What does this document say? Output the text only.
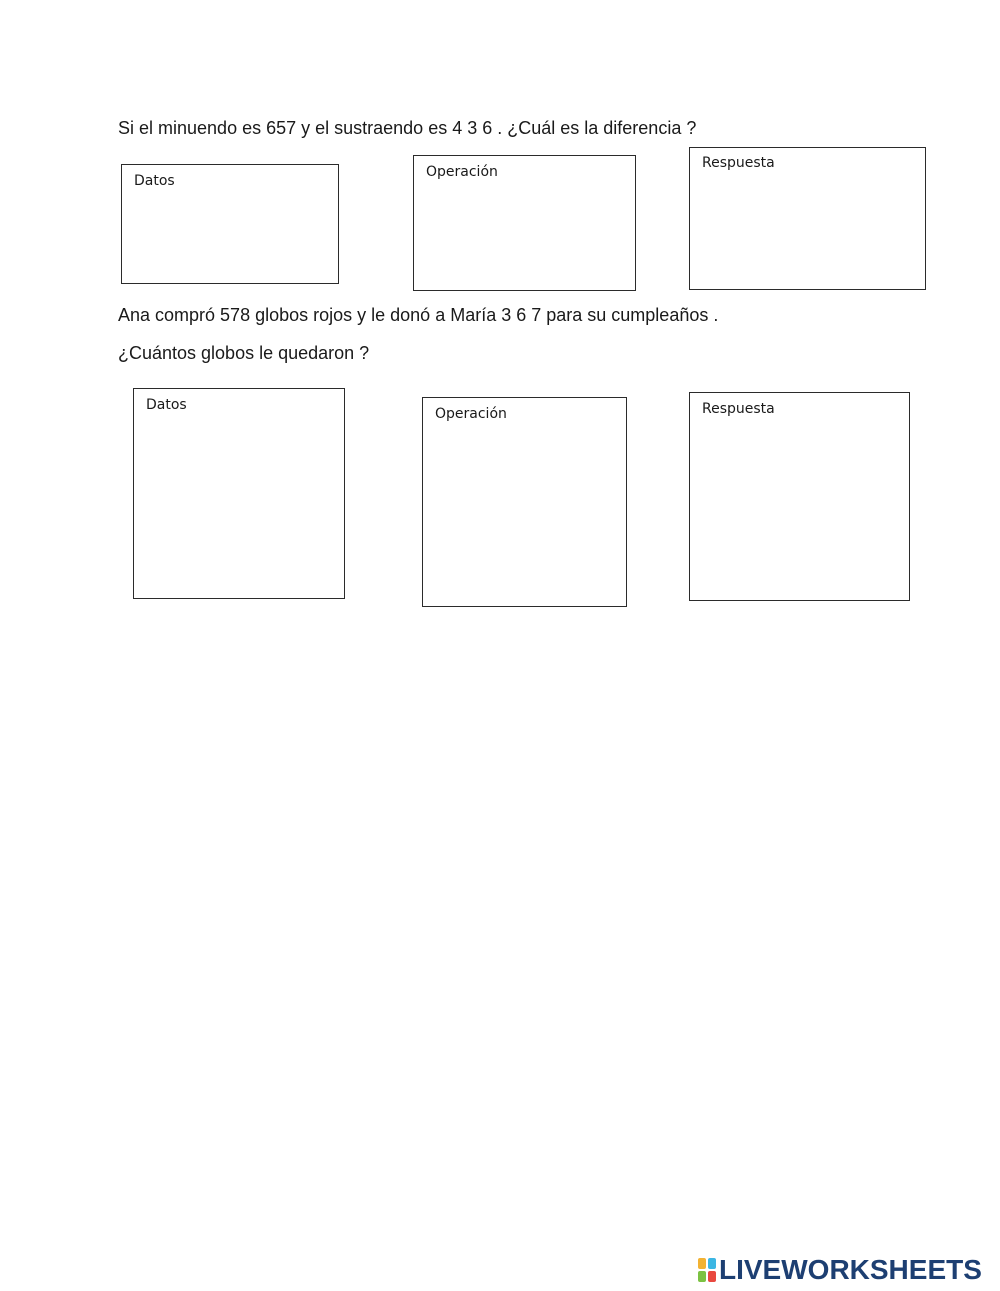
Si el minuendo es 657 y el sustraendo es 4 3 6 . ¿Cuál es la diferencia ?

Datos
Operación
Respuesta

Ana compró 578 globos rojos y le donó a María 3 6 7 para su cumpleaños .

¿Cuántos globos le quedaron ?

Datos
Operación	Respuesta
LIVEWORKSHEETS
